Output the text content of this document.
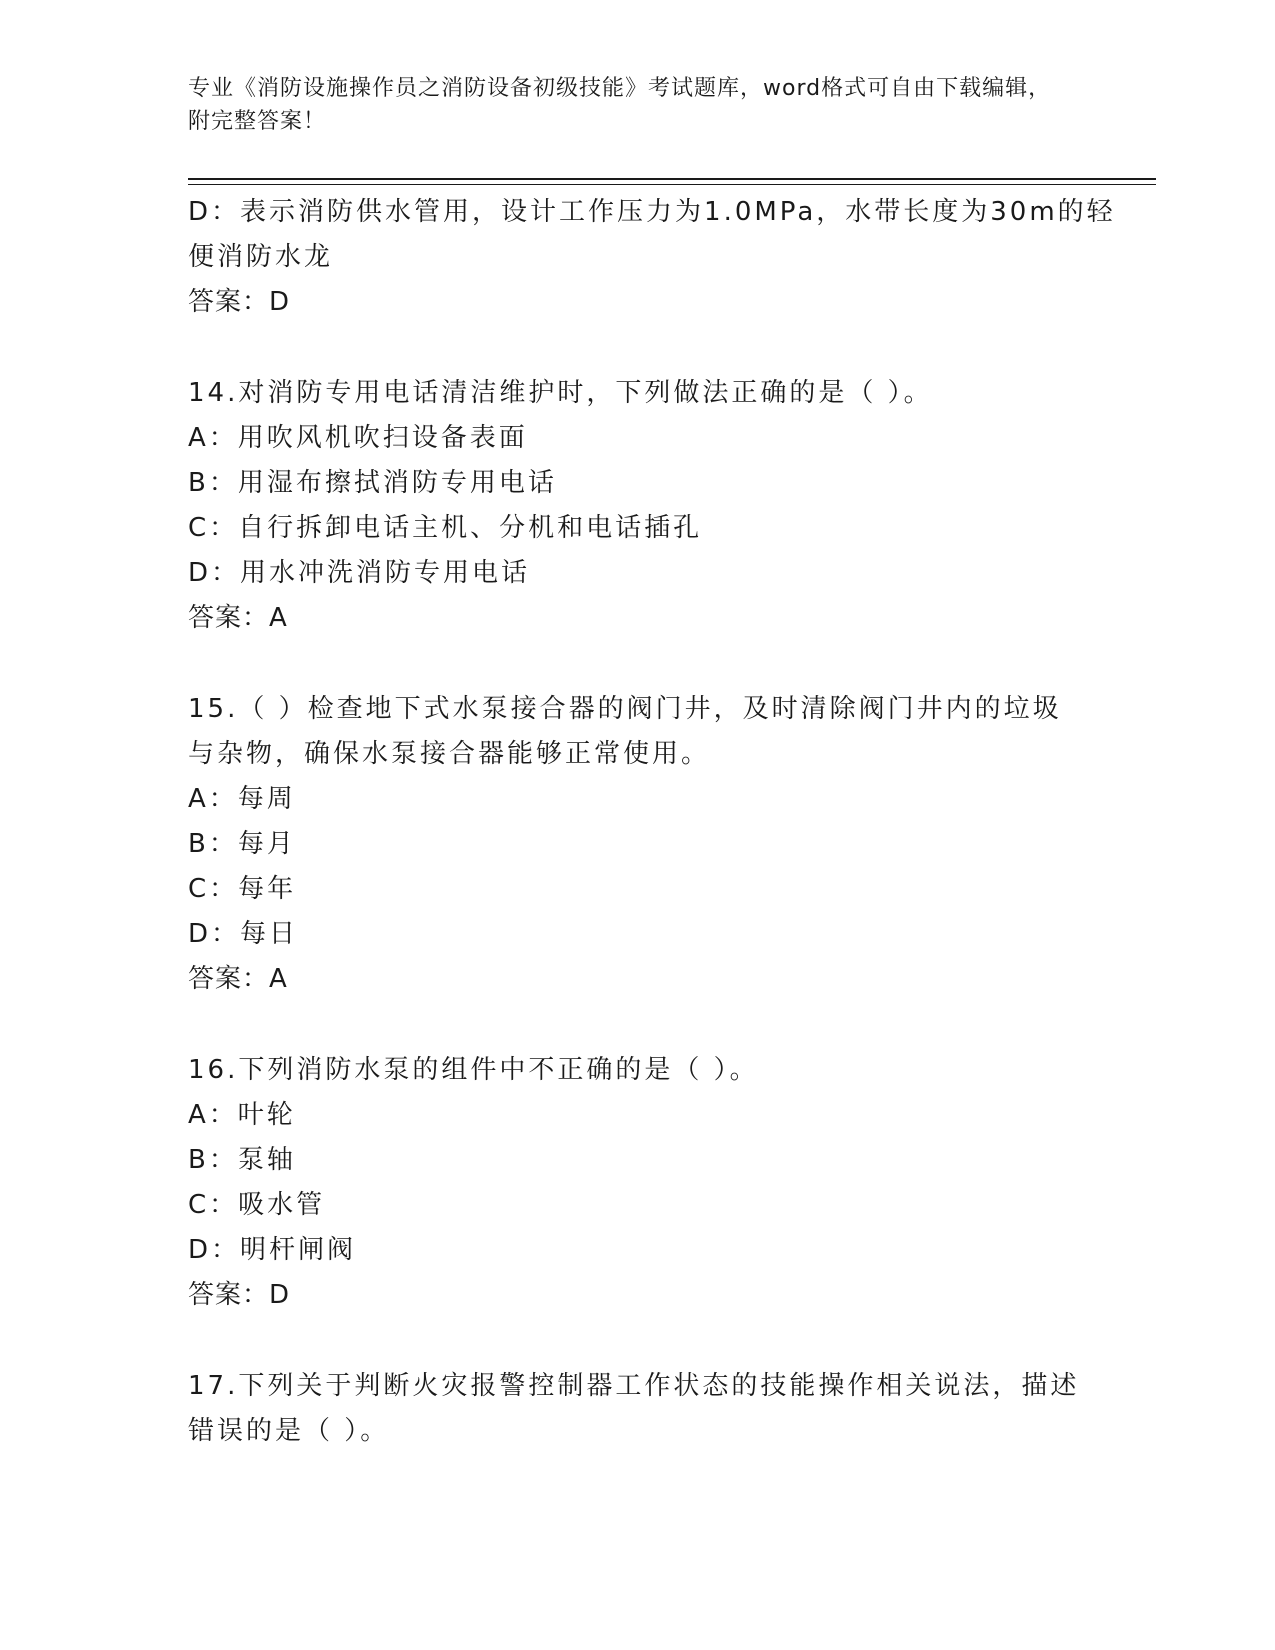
专业《消防设施操作员之消防设备初级技能》考试题库，word格式可自由下载编辑，附完整答案！
D：表示消防供水管用，设计工作压力为1.0MPa，水带长度为30m的轻
便消防水龙
答案：D
14.对消防专用电话清洁维护时，下列做法正确的是（ ）。
A：用吹风机吹扫设备表面
B：用湿布擦拭消防专用电话
C：自行拆卸电话主机、分机和电话插孔
D：用水冲洗消防专用电话
答案：A
15.（ ）检查地下式水泵接合器的阀门井，及时清除阀门井内的垃圾
与杂物，确保水泵接合器能够正常使用。
A：每周
B：每月
C：每年
D：每日
答案：A
16.下列消防水泵的组件中不正确的是（ ）。
A：叶轮
B：泵轴
C：吸水管
D：明杆闸阀
答案：D
17.下列关于判断火灾报警控制器工作状态的技能操作相关说法，描述
错误的是（ ）。
